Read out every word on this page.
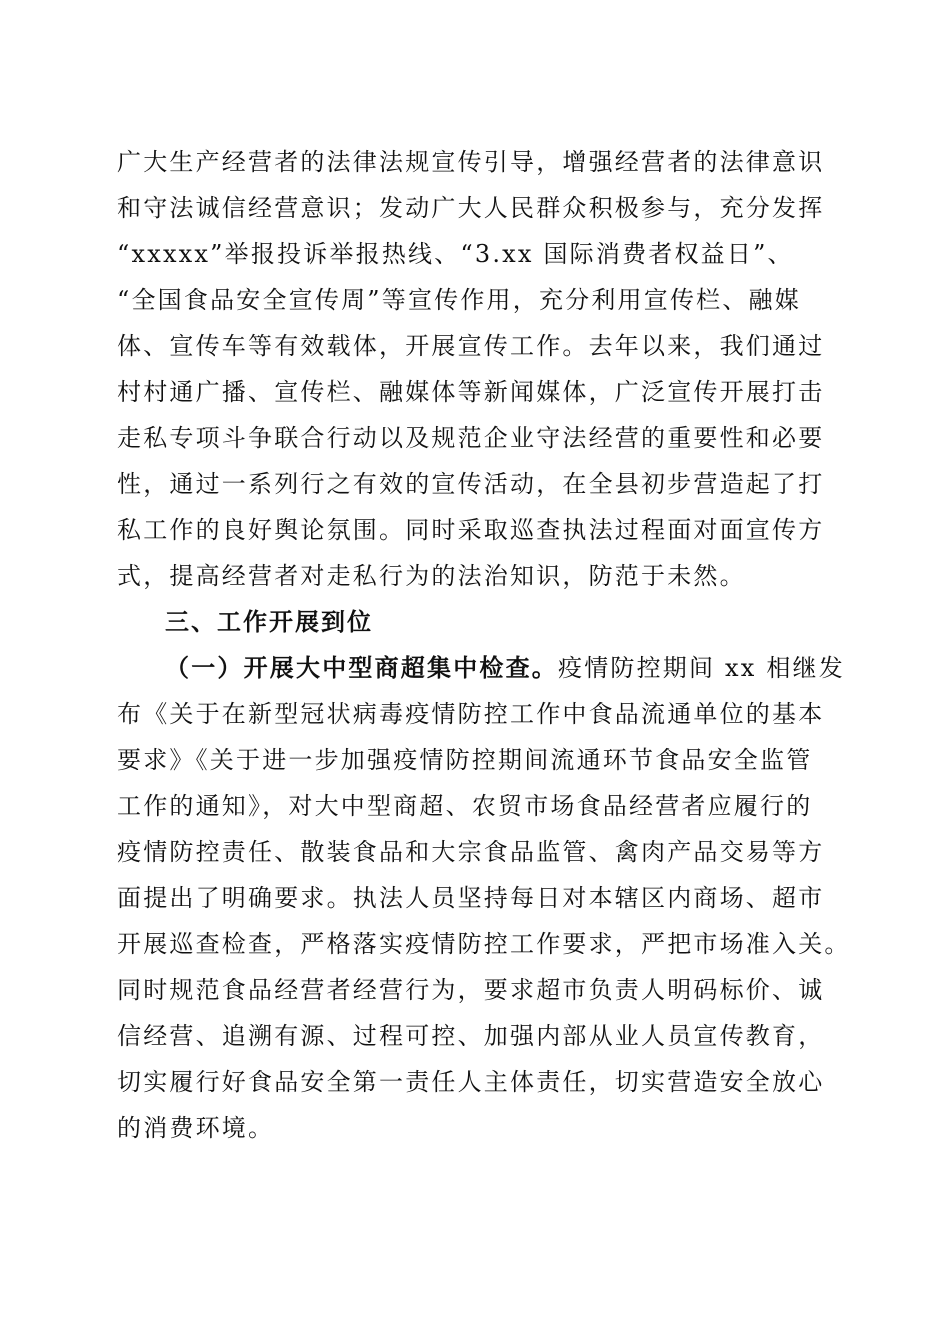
广大生产经营者的法律法规宣传引导，增强经营者的法律意识
和守法诚信经营意识；发动广大人民群众积极参与，充分发挥
“xxxxx”举报投诉举报热线、“3.xx 国际消费者权益日”、
“全国食品安全宣传周”等宣传作用，充分利用宣传栏、融媒
体、宣传车等有效载体，开展宣传工作。去年以来，我们通过
村村通广播、宣传栏、融媒体等新闻媒体，广泛宣传开展打击
走私专项斗争联合行动以及规范企业守法经营的重要性和必要
性，通过一系列行之有效的宣传活动，在全县初步营造起了打
私工作的良好舆论氛围。同时采取巡查执法过程面对面宣传方
式，提高经营者对走私行为的法治知识，防范于未然。
三、工作开展到位
（一）开展大中型商超集中检查。疫情防控期间 xx 相继发
布《关于在新型冠状病毒疫情防控工作中食品流通单位的基本
要求》《关于进一步加强疫情防控期间流通环节食品安全监管
工作的通知》，对大中型商超、农贸市场食品经营者应履行的
疫情防控责任、散装食品和大宗食品监管、禽肉产品交易等方
面提出了明确要求。执法人员坚持每日对本辖区内商场、超市
开展巡查检查，严格落实疫情防控工作要求，严把市场准入关。
同时规范食品经营者经营行为，要求超市负责人明码标价、诚
信经营、追溯有源、过程可控、加强内部从业人员宣传教育，
切实履行好食品安全第一责任人主体责任，切实营造安全放心
的消费环境。
